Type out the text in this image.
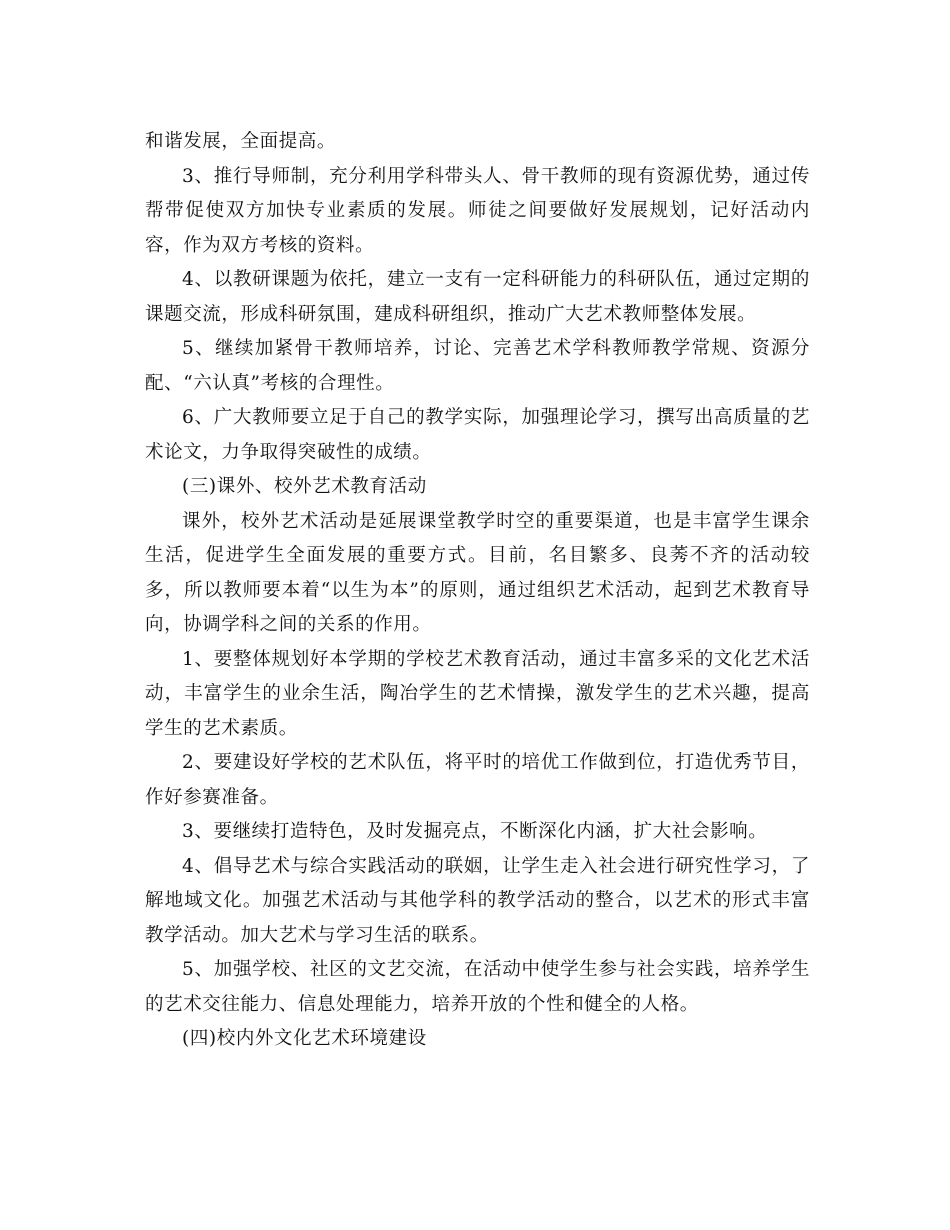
和谐发展，全面提高。

3、推行导师制，充分利用学科带头人、骨干教师的现有资源优势，通过传帮带促使双方加快专业素质的发展。师徒之间要做好发展规划，记好活动内容，作为双方考核的资料。

4、以教研课题为依托，建立一支有一定科研能力的科研队伍，通过定期的课题交流，形成科研氛围，建成科研组织，推动广大艺术教师整体发展。

5、继续加紧骨干教师培养，讨论、完善艺术学科教师教学常规、资源分配、“六认真”考核的合理性。

6、广大教师要立足于自己的教学实际，加强理论学习，撰写出高质量的艺术论文，力争取得突破性的成绩。

(三)课外、校外艺术教育活动

课外，校外艺术活动是延展课堂教学时空的重要渠道，也是丰富学生课余生活，促进学生全面发展的重要方式。目前，名目繁多、良莠不齐的活动较多，所以教师要本着“以生为本”的原则，通过组织艺术活动，起到艺术教育导向，协调学科之间的关系的作用。

1、要整体规划好本学期的学校艺术教育活动，通过丰富多采的文化艺术活动，丰富学生的业余生活，陶冶学生的艺术情操，激发学生的艺术兴趣，提高学生的艺术素质。

2、要建设好学校的艺术队伍，将平时的培优工作做到位，打造优秀节目，作好参赛准备。

3、要继续打造特色，及时发掘亮点，不断深化内涵，扩大社会影响。

4、倡导艺术与综合实践活动的联姻，让学生走入社会进行研究性学习，了解地域文化。加强艺术活动与其他学科的教学活动的整合，以艺术的形式丰富教学活动。加大艺术与学习生活的联系。

5、加强学校、社区的文艺交流，在活动中使学生参与社会实践，培养学生的艺术交往能力、信息处理能力，培养开放的个性和健全的人格。

(四)校内外文化艺术环境建设
